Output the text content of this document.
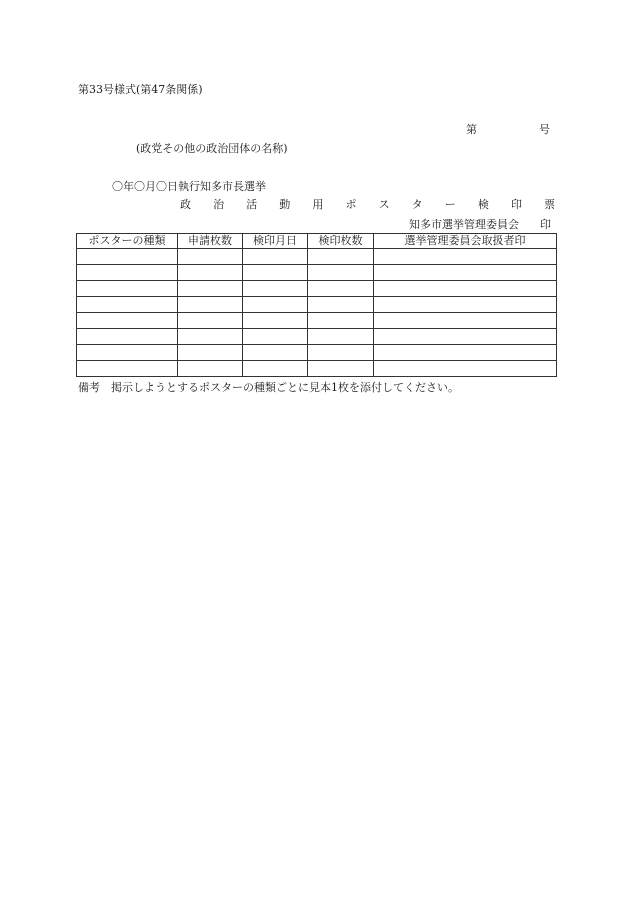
第33号様式(第47条関係)
第	号
(政党その他の政治団体の名称)
〇年〇月〇日執行知多市長選挙
政 治 活 動 用 ポ ス タ ー 検 印 票
知多市選挙管理委員会 印
ポスターの種類	申請枚数	検印月日	検印枚数	選挙管理委員会取扱者印

備考 掲示しようとするポスターの種類ごとに見本1枚を添付してください。
